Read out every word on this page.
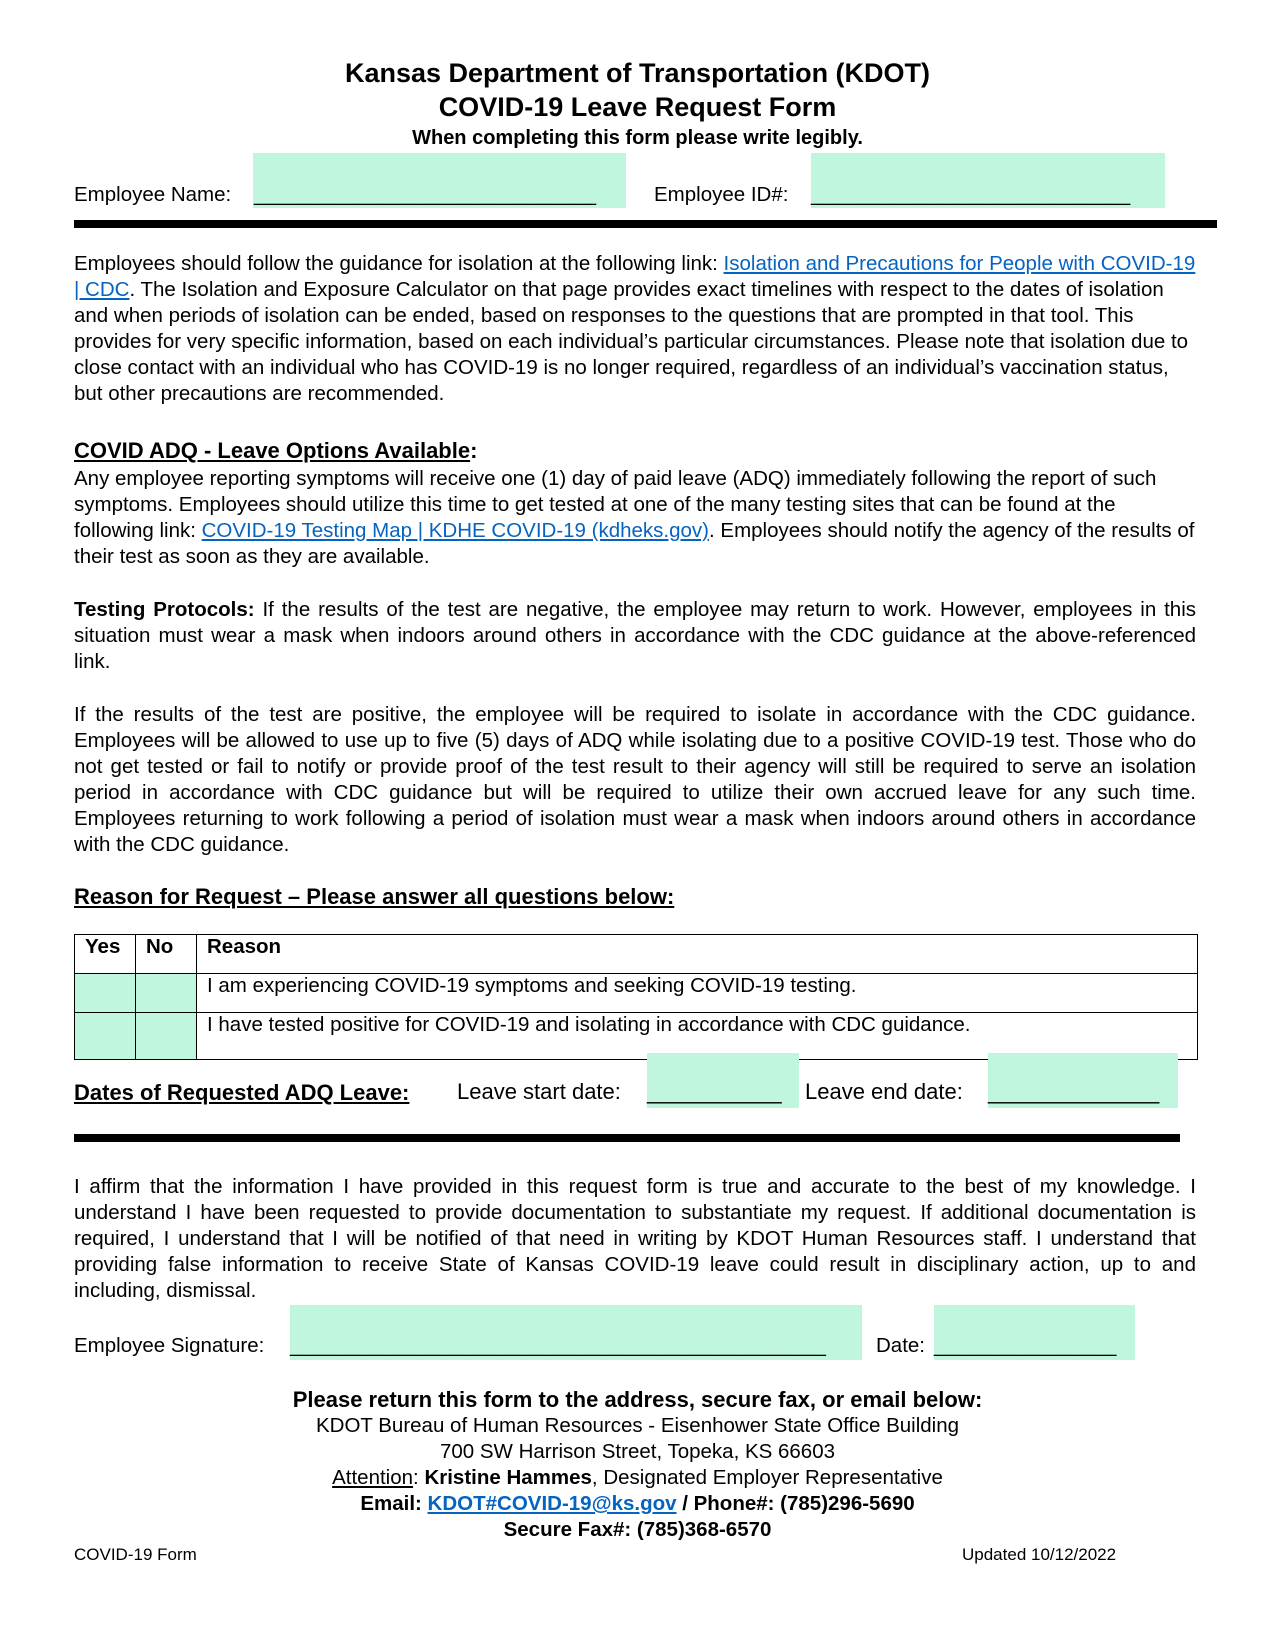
Kansas Department of Transportation (KDOT)
COVID-19 Leave Request Form
When completing this form please write legibly.
Employee Name: ______________________________	Employee ID#: ____________________________

Employees should follow the guidance for isolation at the following link: Isolation and Precautions for People with COVID-19 | CDC. The Isolation and Exposure Calculator on that page provides exact timelines with respect to the dates of isolation and when periods of isolation can be ended, based on responses to the questions that are prompted in that tool. This provides for very specific information, based on each individual’s particular circumstances. Please note that isolation due to close contact with an individual who has COVID-19 is no longer required, regardless of an individual’s vaccination status, but other precautions are recommended.

COVID ADQ - Leave Options Available:

Any employee reporting symptoms will receive one (1) day of paid leave (ADQ) immediately following the report of such symptoms. Employees should utilize this time to get tested at one of the many testing sites that can be found at the following link: COVID-19 Testing Map | KDHE COVID-19 (kdheks.gov). Employees should notify the agency of the results of their test as soon as they are available.

Testing Protocols: If the results of the test are negative, the employee may return to work. However, employees in this situation must wear a mask when indoors around others in accordance with the CDC guidance at the above-referenced link.

If the results of the test are positive, the employee will be required to isolate in accordance with the CDC guidance. Employees will be allowed to use up to five (5) days of ADQ while isolating due to a positive COVID-19 test. Those who do not get tested or fail to notify or provide proof of the test result to their agency will still be required to serve an isolation period in accordance with CDC guidance but will be required to utilize their own accrued leave for any such time. Employees returning to work following a period of isolation must wear a mask when indoors around others in accordance with the CDC guidance.

Reason for Request – Please answer all questions below:
Yes	No	Reason
		I am experiencing COVID-19 symptoms and seeking COVID-19 testing.
		I have tested positive for COVID-19 and isolating in accordance with CDC guidance.
Dates of Requested ADQ Leave: Leave start date: ___________ Leave end date: ______________

I affirm that the information I have provided in this request form is true and accurate to the best of my knowledge. I understand I have been requested to provide documentation to substantiate my request. If additional documentation is required, I understand that I will be notified of that need in writing by KDOT Human Resources staff. I understand that providing false information to receive State of Kansas COVID-19 leave could result in disciplinary action, up to and including, dismissal.

Employee Signature: _______________________________________________ Date: ________________
Please return this form to the address, secure fax, or email below:
KDOT Bureau of Human Resources - Eisenhower State Office Building
700 SW Harrison Street, Topeka, KS 66603
Attention: Kristine Hammes, Designated Employer Representative
Email: KDOT#COVID-19@ks.gov / Phone#: (785)296-5690
Secure Fax#: (785)368-6570
COVID-19 Form	Updated 10/12/2022
